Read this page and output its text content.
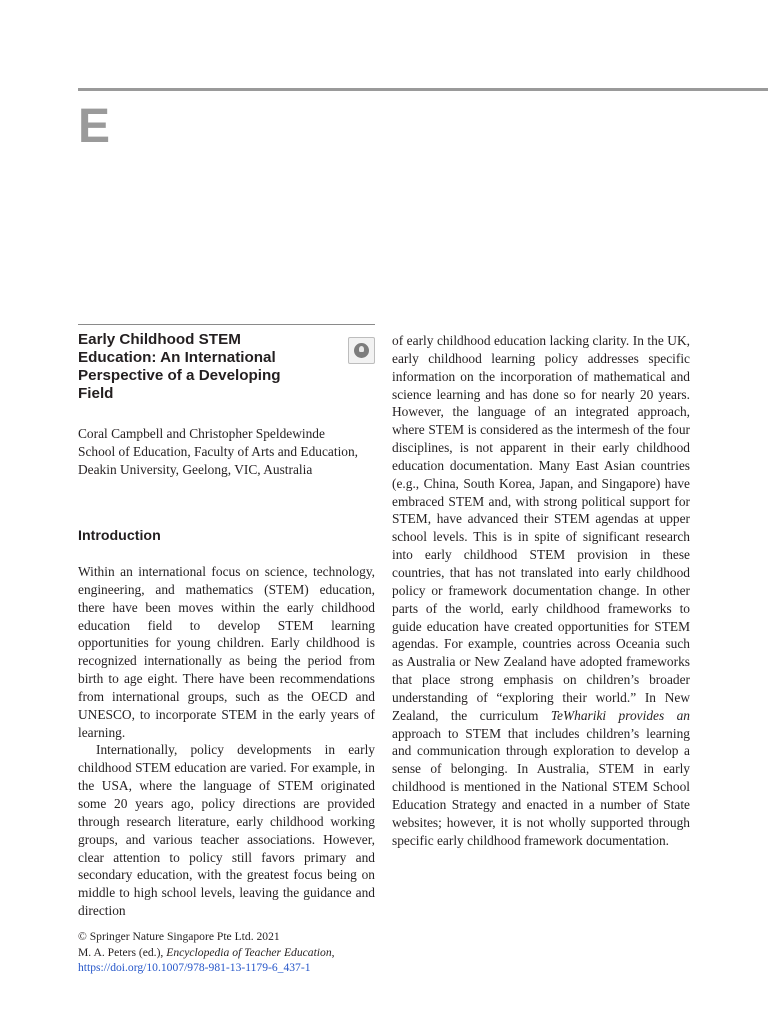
E
Early Childhood STEM Education: An International Perspective of a Developing Field
Coral Campbell and Christopher Speldewinde
School of Education, Faculty of Arts and Education, Deakin University, Geelong, VIC, Australia
Introduction

Within an international focus on science, technology, engineering, and mathematics (STEM) education, there have been moves within the early childhood education field to develop STEM learning opportunities for young children. Early childhood is recognized internationally as being the period from birth to age eight. There have been recommendations from international groups, such as the OECD and UNESCO, to incorporate STEM in the early years of learning.

Internationally, policy developments in early childhood STEM education are varied. For example, in the USA, where the language of STEM originated some 20 years ago, policy directions are provided through research literature, early childhood working groups, and various teacher associations. However, clear attention to policy still favors primary and secondary education, with the greatest focus being on middle to high school levels, leaving the guidance and direction

of early childhood education lacking clarity. In the UK, early childhood learning policy addresses specific information on the incorporation of mathematical and science learning and has done so for nearly 20 years. However, the language of an integrated approach, where STEM is considered as the intermesh of the four disciplines, is not apparent in their early childhood education documentation. Many East Asian countries (e.g., China, South Korea, Japan, and Singapore) have embraced STEM and, with strong political support for STEM, have advanced their STEM agendas at upper school levels. This is in spite of significant research into early childhood STEM provision in these countries, that has not translated into early childhood policy or framework documentation change. In other parts of the world, early childhood frameworks to guide education have created opportunities for STEM agendas. For example, countries across Oceania such as Australia or New Zealand have adopted frameworks that place strong emphasis on children’s broader understanding of “exploring their world.” In New Zealand, the curriculum TeWhariki provides an approach to STEM that includes children’s learning and communication through exploration to develop a sense of belonging. In Australia, STEM in early childhood is mentioned in the National STEM School Education Strategy and enacted in a number of State websites; however, it is not wholly supported through specific early childhood framework documentation.

© Springer Nature Singapore Pte Ltd. 2021
M. A. Peters (ed.), Encyclopedia of Teacher Education,
https://doi.org/10.1007/978-981-13-1179-6_437-1
